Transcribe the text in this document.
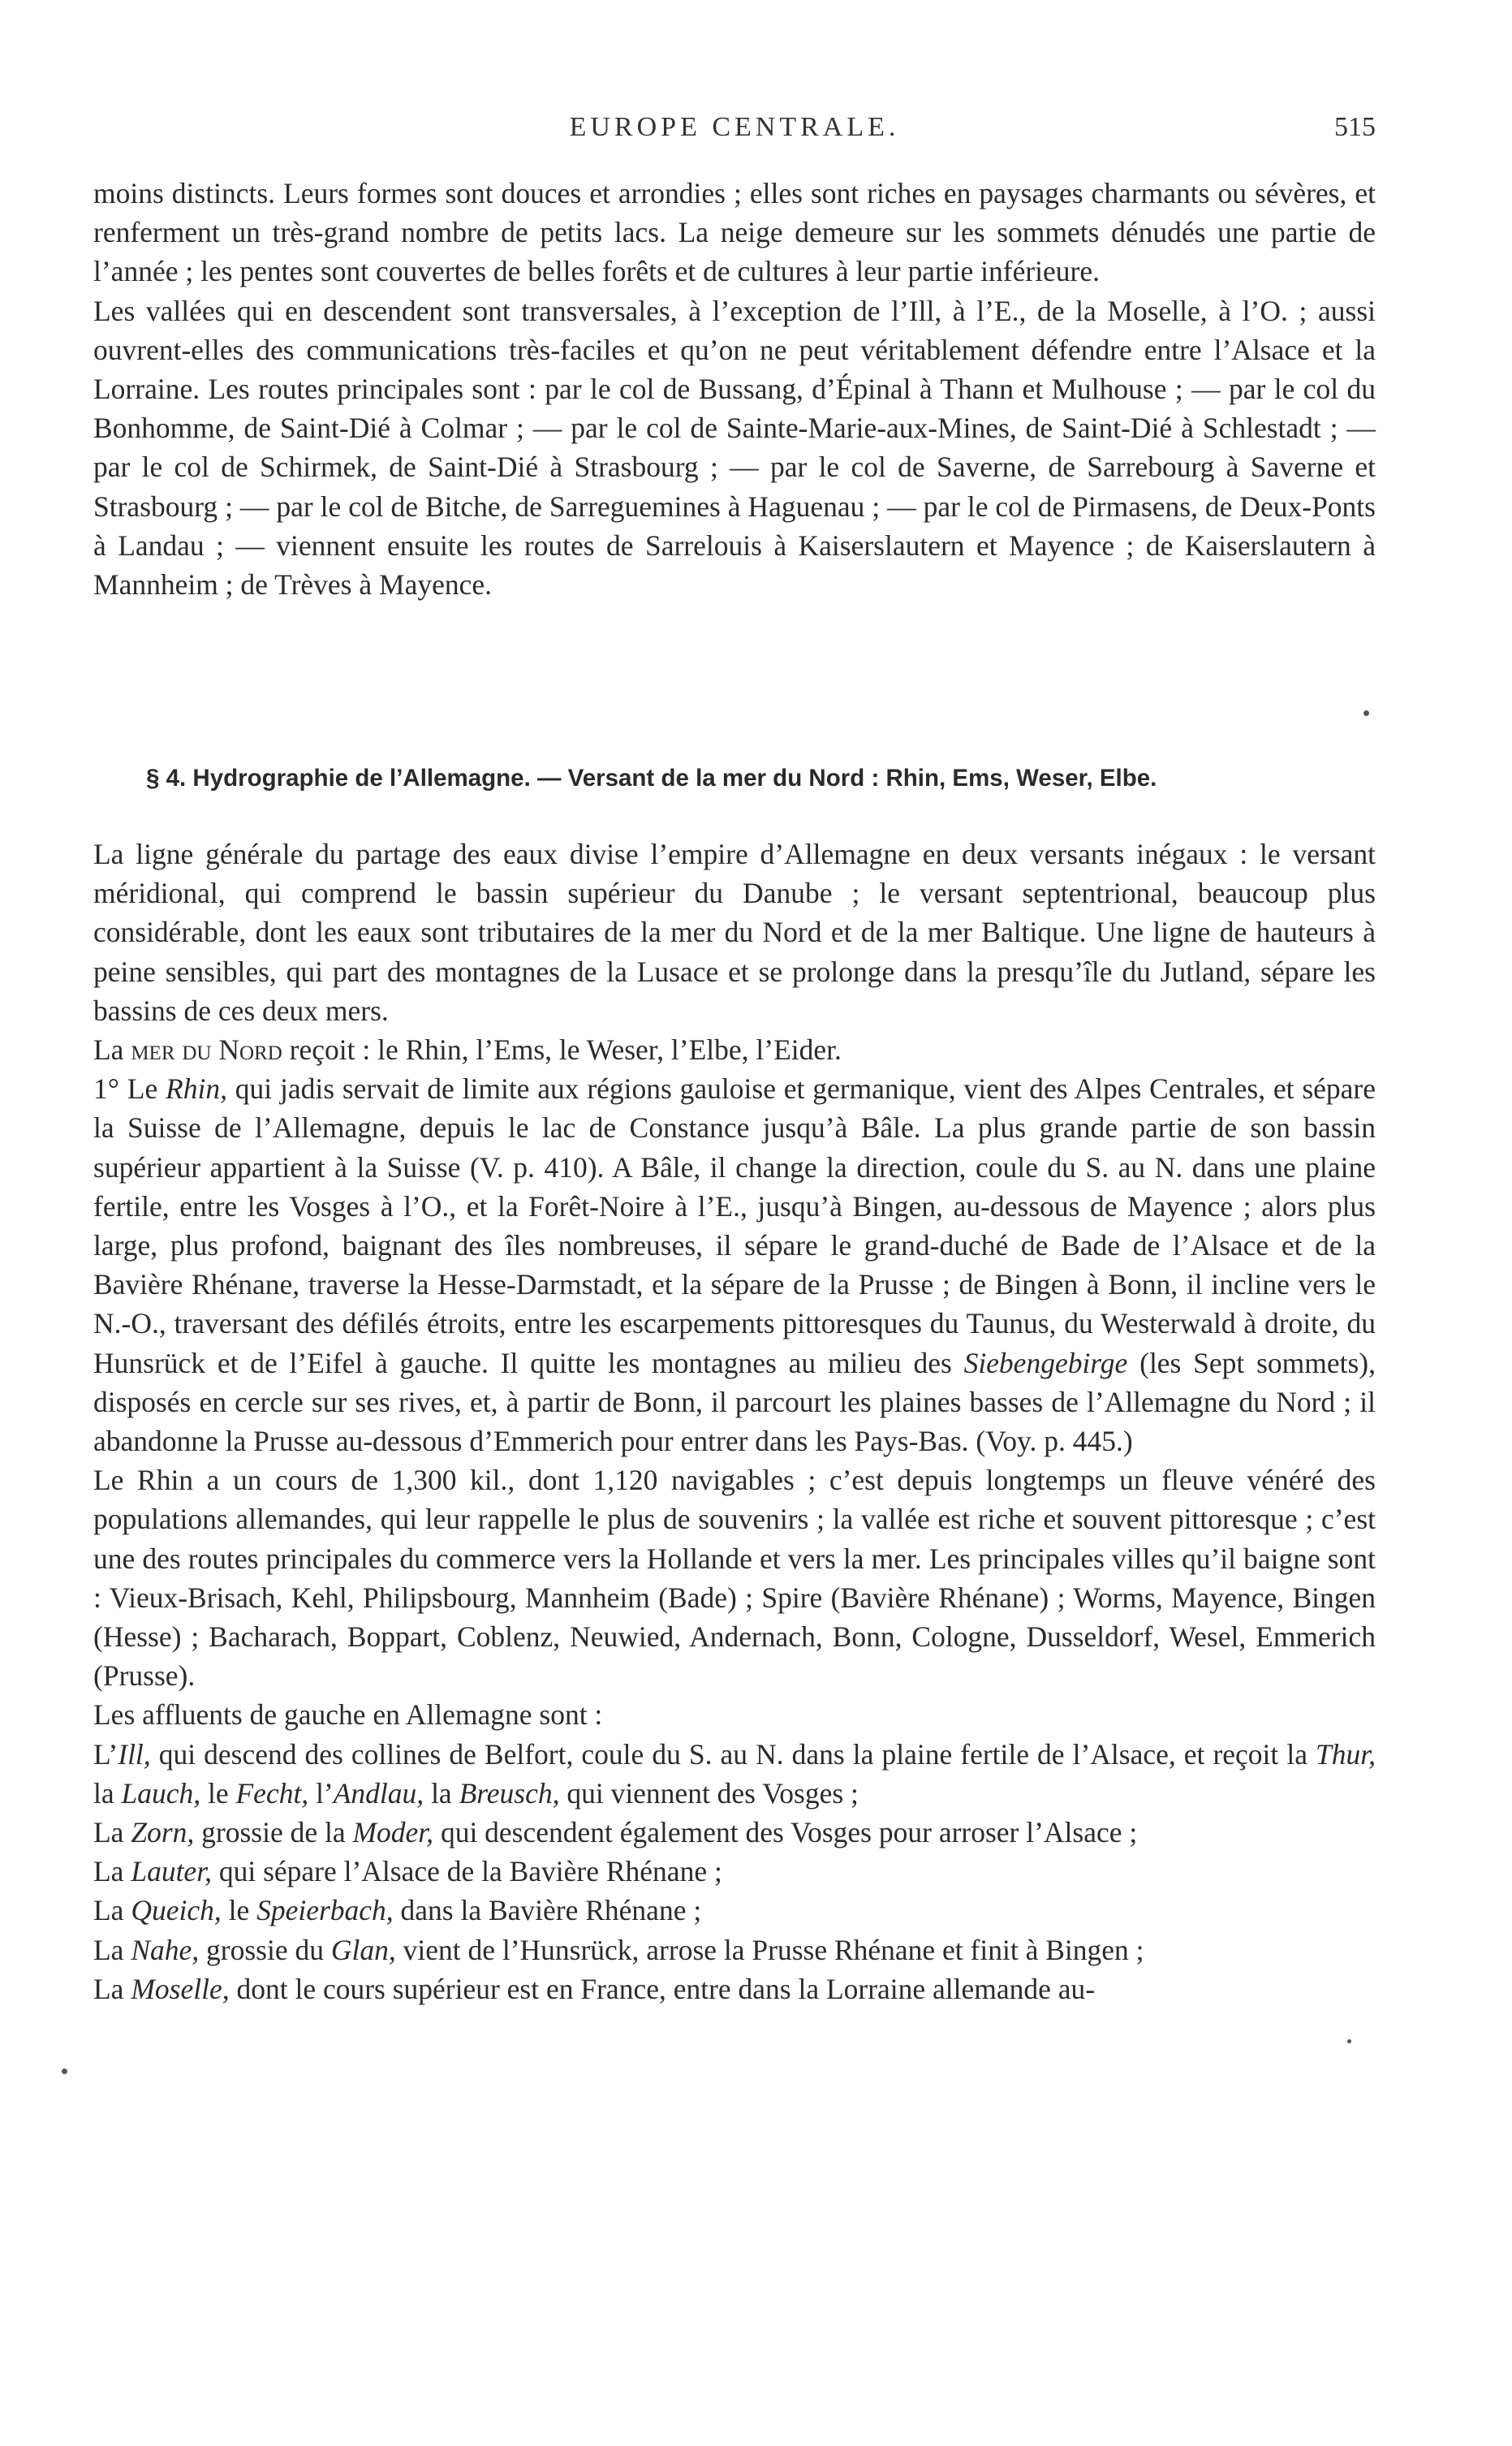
EUROPE CENTRALE.	515

moins distincts. Leurs formes sont douces et arrondies ; elles sont riches en paysages charmants ou sévères, et renferment un très-grand nombre de petits lacs. La neige demeure sur les sommets dénudés une partie de l’année ; les pentes sont couvertes de belles forêts et de cultures à leur partie inférieure.

Les vallées qui en descendent sont transversales, à l’exception de l’Ill, à l’E., de la Moselle, à l’O. ; aussi ouvrent-elles des communications très-faciles et qu’on ne peut véritablement défendre entre l’Alsace et la Lorraine. Les routes principales sont : par le col de Bussang, d’Épinal à Thann et Mulhouse ; — par le col du Bonhomme, de Saint-Dié à Colmar ; — par le col de Sainte-Marie-aux-Mines, de Saint-Dié à Schlestadt ; — par le col de Schirmek, de Saint-Dié à Strasbourg ; — par le col de Saverne, de Sarrebourg à Saverne et Strasbourg ; — par le col de Bitche, de Sarreguemines à Haguenau ; — par le col de Pirmasens, de Deux-Ponts à Landau ; — viennent ensuite les routes de Sarrelouis à Kaiserslautern et Mayence ; de Kaiserslautern à Mannheim ; de Trèves à Mayence.

§ 4. Hydrographie de l’Allemagne. — Versant de la mer du Nord : Rhin, Ems, Weser, Elbe.

La ligne générale du partage des eaux divise l’empire d’Allemagne en deux versants inégaux : le versant méridional, qui comprend le bassin supérieur du Danube ; le versant septentrional, beaucoup plus considérable, dont les eaux sont tributaires de la mer du Nord et de la mer Baltique. Une ligne de hauteurs à peine sensibles, qui part des montagnes de la Lusace et se prolonge dans la presqu’île du Jutland, sépare les bassins de ces deux mers.

La mer du Nord reçoit : le Rhin, l’Ems, le Weser, l’Elbe, l’Eider.

1° Le Rhin, qui jadis servait de limite aux régions gauloise et germanique, vient des Alpes Centrales, et sépare la Suisse de l’Allemagne, depuis le lac de Constance jusqu’à Bâle. La plus grande partie de son bassin supérieur appartient à la Suisse (V. p. 410). A Bâle, il change la direction, coule du S. au N. dans une plaine fertile, entre les Vosges à l’O., et la Forêt-Noire à l’E., jusqu’à Bingen, au-dessous de Mayence ; alors plus large, plus profond, baignant des îles nombreuses, il sépare le grand-duché de Bade de l’Alsace et de la Bavière Rhénane, traverse la Hesse-Darmstadt, et la sépare de la Prusse ; de Bingen à Bonn, il incline vers le N.-O., traversant des défilés étroits, entre les escarpements pittoresques du Taunus, du Westerwald à droite, du Hunsrück et de l’Eifel à gauche. Il quitte les montagnes au milieu des Siebengebirge (les Sept sommets), disposés en cercle sur ses rives, et, à partir de Bonn, il parcourt les plaines basses de l’Allemagne du Nord ; il abandonne la Prusse au-dessous d’Emmerich pour entrer dans les Pays-Bas. (Voy. p. 445.)

Le Rhin a un cours de 1,300 kil., dont 1,120 navigables ; c’est depuis longtemps un fleuve vénéré des populations allemandes, qui leur rappelle le plus de souvenirs ; la vallée est riche et souvent pittoresque ; c’est une des routes principales du commerce vers la Hollande et vers la mer. Les principales villes qu’il baigne sont : Vieux-Brisach, Kehl, Philipsbourg, Mannheim (Bade) ; Spire (Bavière Rhénane) ; Worms, Mayence, Bingen (Hesse) ; Bacharach, Boppart, Coblenz, Neuwied, Andernach, Bonn, Cologne, Dusseldorf, Wesel, Emmerich (Prusse).

Les affluents de gauche en Allemagne sont :

L’Ill, qui descend des collines de Belfort, coule du S. au N. dans la plaine fertile de l’Alsace, et reçoit la Thur, la Lauch, le Fecht, l’Andlau, la Breusch, qui viennent des Vosges ;

La Zorn, grossie de la Moder, qui descendent également des Vosges pour arroser l’Alsace ;

La Lauter, qui sépare l’Alsace de la Bavière Rhénane ;

La Queich, le Speierbach, dans la Bavière Rhénane ;

La Nahe, grossie du Glan, vient de l’Hunsrück, arrose la Prusse Rhénane et finit à Bingen ;

La Moselle, dont le cours supérieur est en France, entre dans la Lorraine allemande au-
